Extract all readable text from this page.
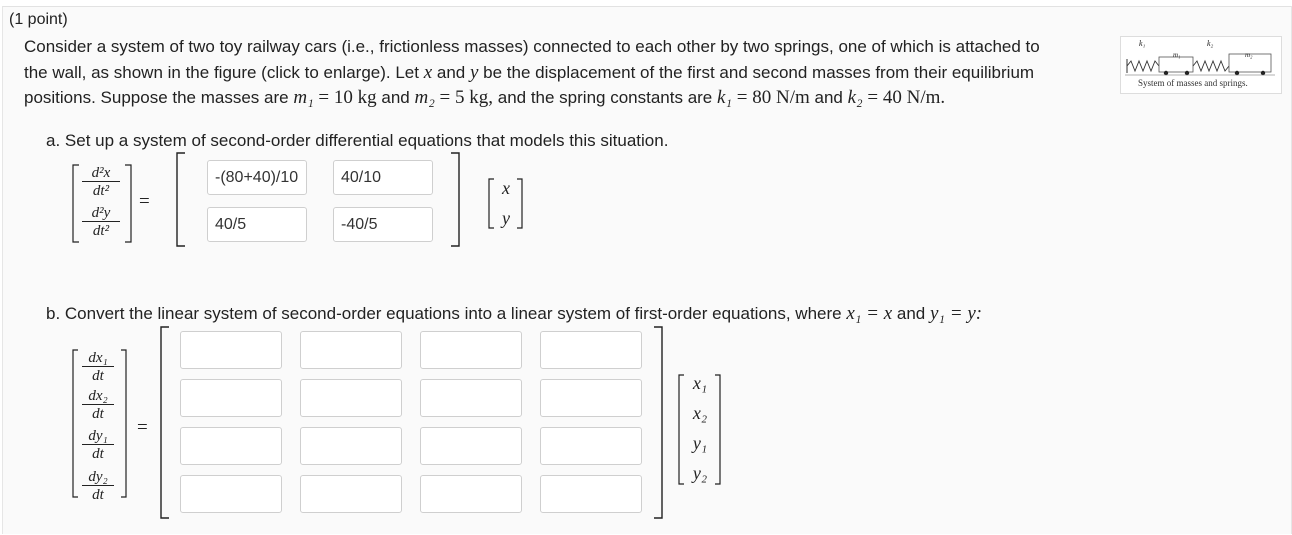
(1 point)
Consider a system of two toy railway cars (i.e., frictionless masses) connected to each other by two springs, one of which is attached to
the wall, as shown in the figure (click to enlarge). Let x and y be the displacement of the first and second masses from their equilibrium
positions. Suppose the masses are m₁ = 10 kg and m₂ = 5 kg, and the spring constants are k₁ = 80 N/m and k₂ = 40 N/m.
k₁
m₁
k₂
m₂
System of masses and springs.
a. Set up a system of second-order differential equations that models this situation.
$\frac{\text{d²x}}{\text{dt²}}$
$\frac{\text{d²y}}{\text{dt²}}$
=
-(80+40)/10
40/10
40/5
-40/5
x
y
b. Convert the linear system of second-order equations into a linear system of first-order equations, where x₁ = x and y₁ = y:
$\frac{\text{dx₁}}{dt}$
$\frac{\text{dx₂}}{dt}$
$\frac{\text{dy₁}}{dt}$
$\frac{\text{dy₂}}{dt}$
=
x₁
x₂
y₁
y₂
